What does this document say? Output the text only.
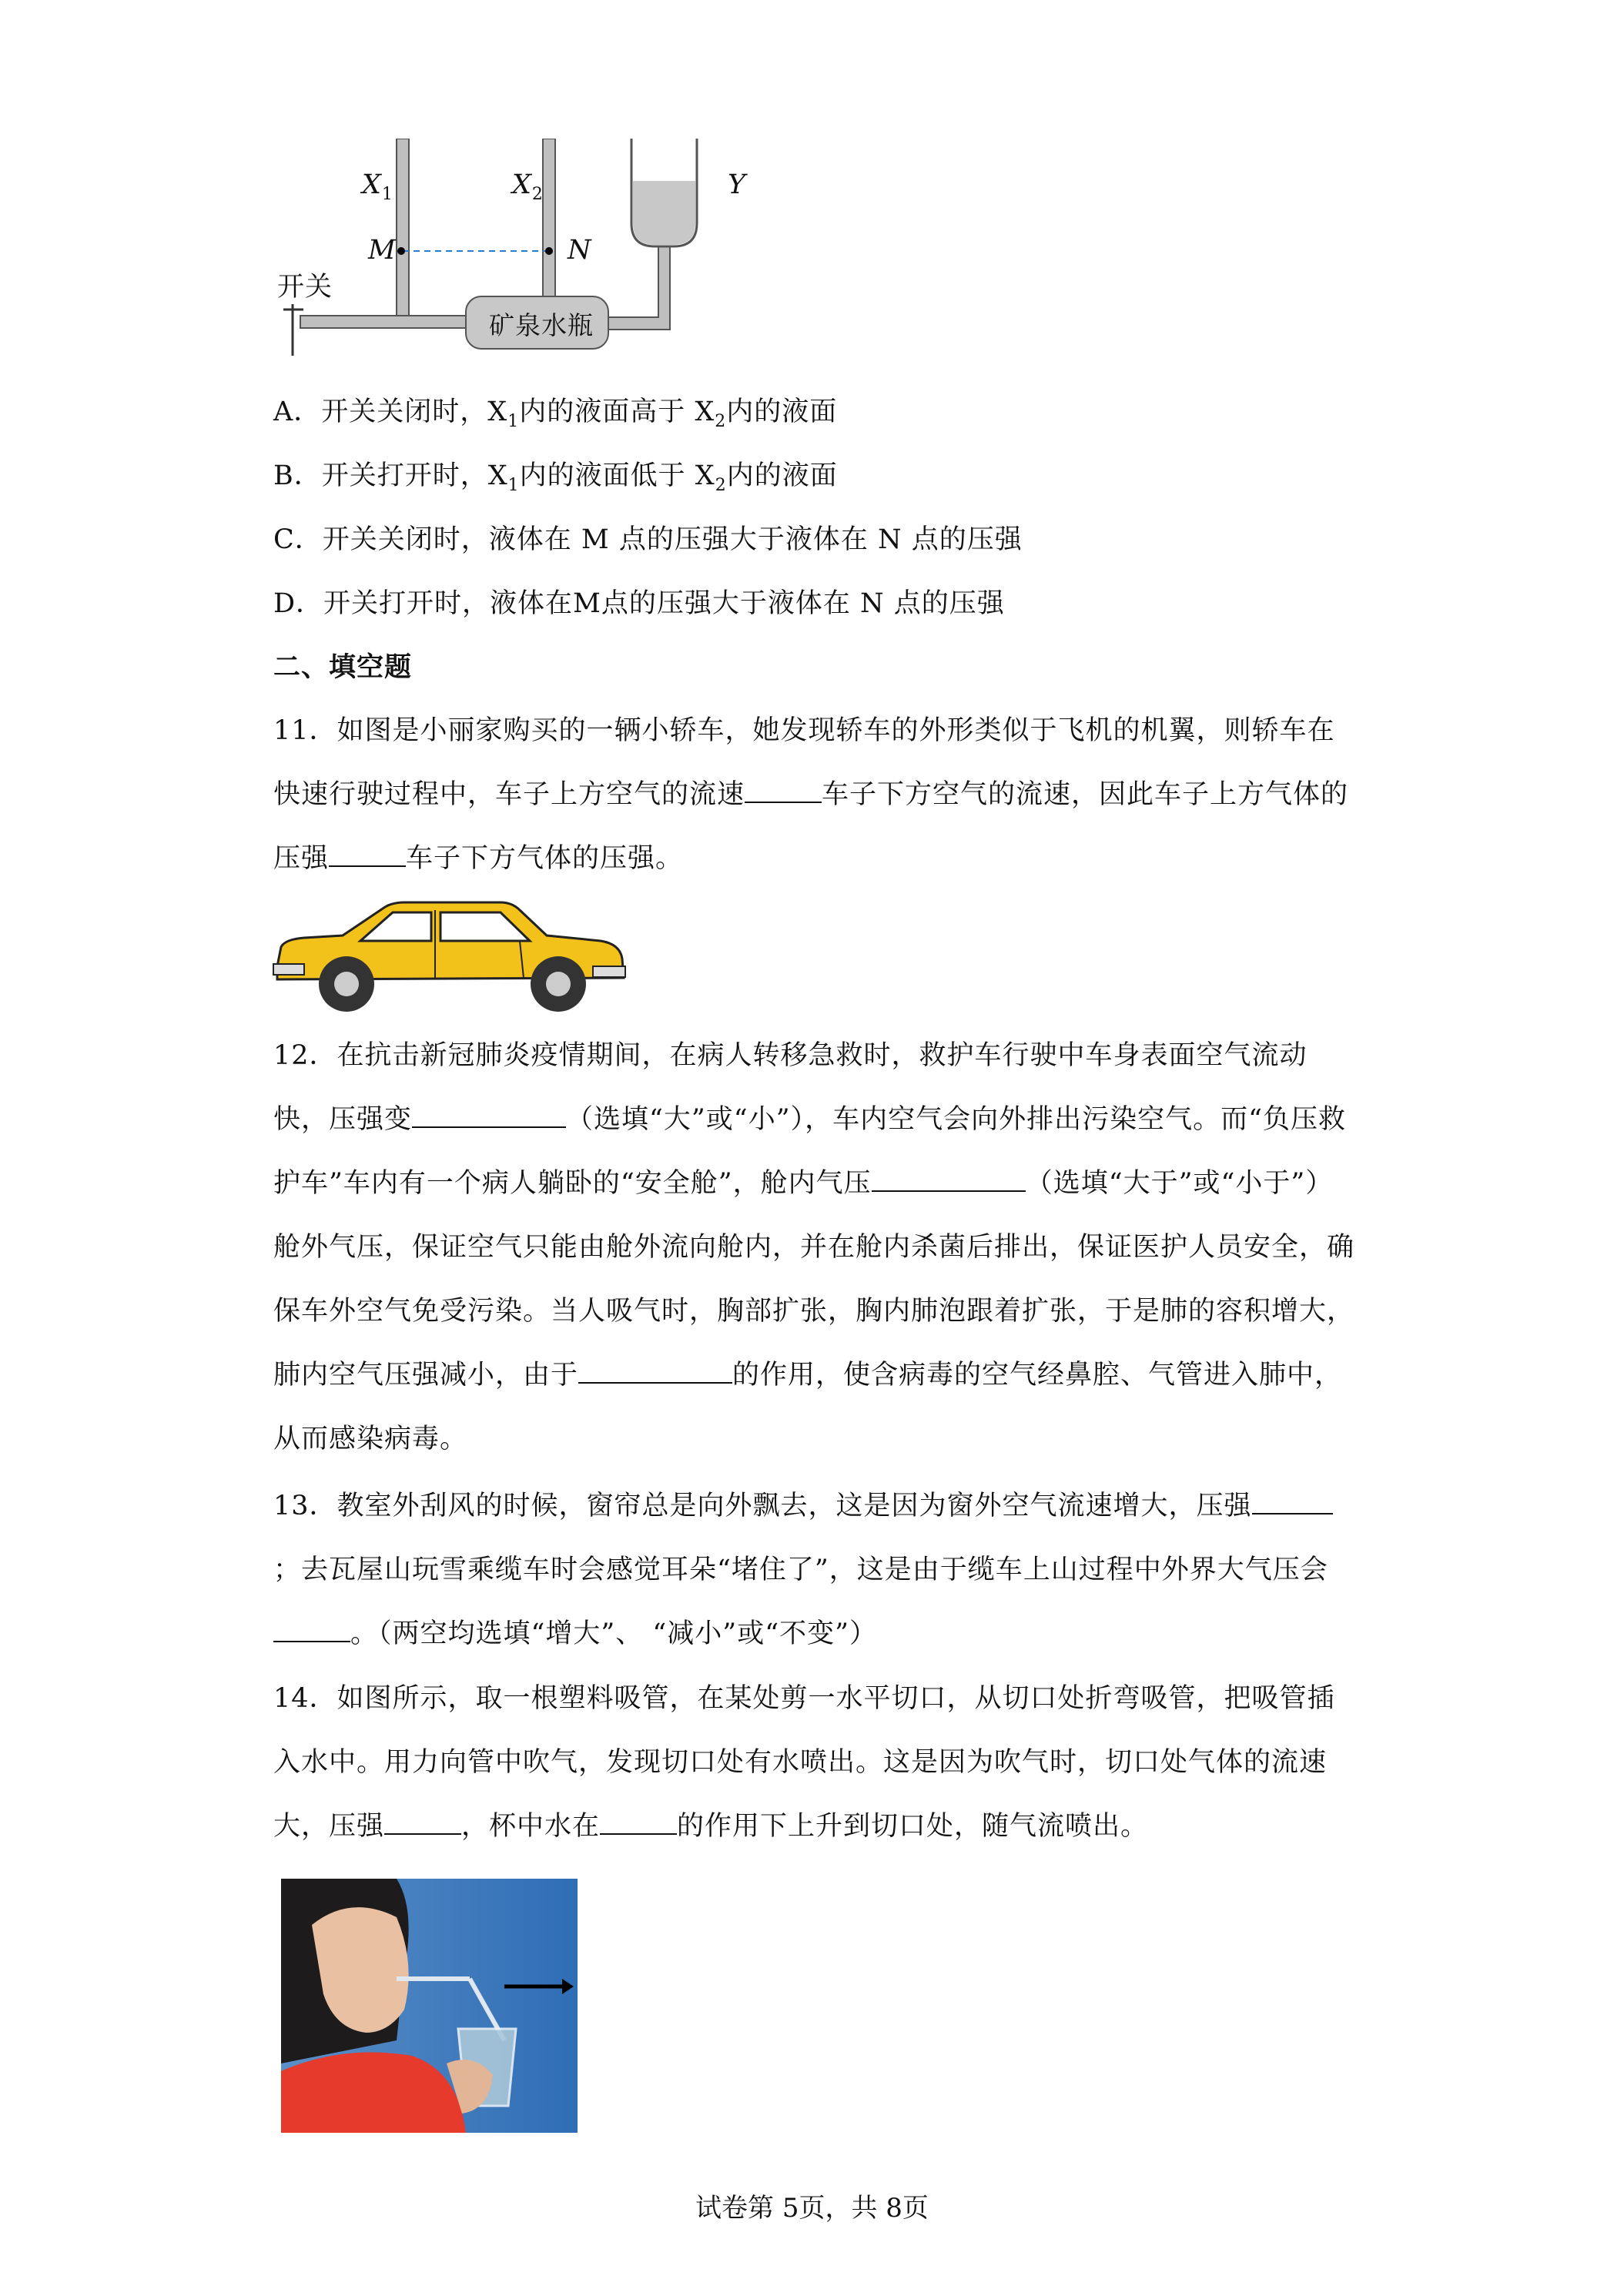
$X_1$	$X_2$	Y
M	N
开关
矿泉水瓶
A．开关关闭时，$X_1$内的液面高于 $X_2$内的液面
B．开关打开时，$X_1$内的液面低于 $X_2$内的液面
C．开关关闭时，液体在 M 点的压强大于液体在 N 点的压强
D．开关打开时，液体在M点的压强大于液体在 N 点的压强
二、填空题
11．如图是小丽家购买的一辆小轿车，她发现轿车的外形类似于飞机的机翼，则轿车在快速行驶过程中，车子上方空气的流速	车子下方空气的流速，因此车子上方气体的压强	车子下方气体的压强。
12．在抗击新冠肺炎疫情期间，在病人转移急救时，救护车行驶中车身表面空气流动快，压强变	（选填“大”或“小”），车内空气会向外排出污染空气。而“负压救护车”车内有一个病人躺卧的“安全舱”，舱内气压	（选填“大于”或“小于”）舱外气压，保证空气只能由舱外流向舱内，并在舱内杀菌后排出，保证医护人员安全，确保车外空气免受污染。当人吸气时，胸部扩张，胸内肺泡跟着扩张，于是肺的容积增大，肺内空气压强减小，由于	的作用，使含病毒的空气经鼻腔、气管进入肺中，从而感染病毒。
13．教室外刮风的时候，窗帘总是向外飘去，这是因为窗外空气流速增大，压强；去瓦屋山玩雪乘缆车时会感觉耳朵“堵住了”，这是由于缆车上山过程中外界大气压会。（两空均选填“增大”、 “减小”或“不变”）
14．如图所示，取一根塑料吸管，在某处剪一水平切口，从切口处折弯吸管，把吸管插入水中。用力向管中吹气，发现切口处有水喷出。这是因为吹气时，切口处气体的流速大，压强	，杯中水在	的作用下上升到切口处，随气流喷出。
试卷第 5页，共 8页
